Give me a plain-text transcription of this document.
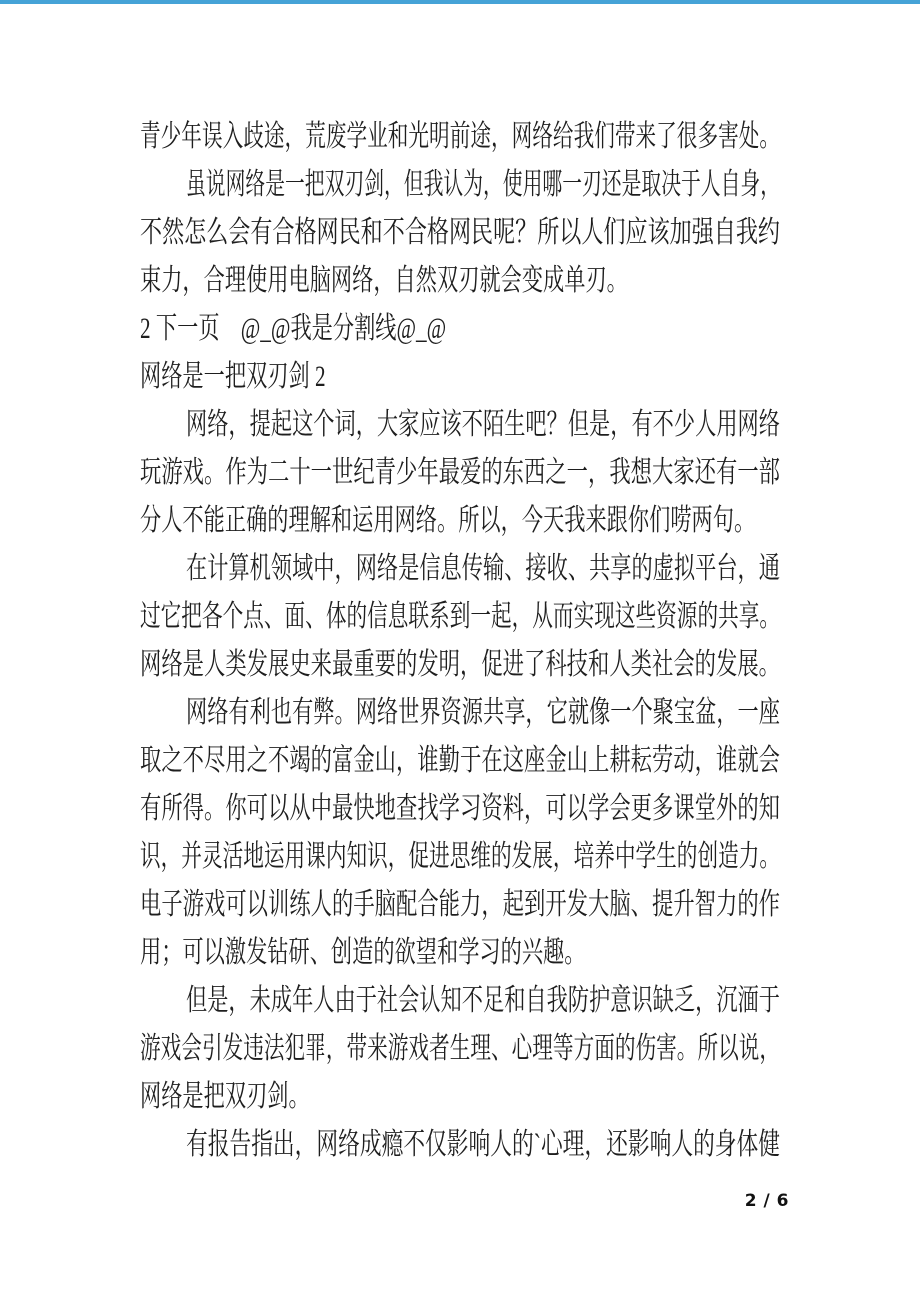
青少年误入歧途，荒废学业和光明前途，网络给我们带来了很多害处。
虽说网络是一把双刃剑，但我认为，使用哪一刃还是取决于人自身，
不然怎么会有合格网民和不合格网民呢？所以人们应该加强自我约
束力，合理使用电脑网络，自然双刃就会变成单刃。
2 下一页　@_@我是分割线@_@
网络是一把双刃剑 2
网络，提起这个词，大家应该不陌生吧？但是，有不少人用网络
玩游戏。作为二十一世纪青少年最爱的东西之一，我想大家还有一部
分人不能正确的理解和运用网络。所以，今天我来跟你们唠两句。
在计算机领域中，网络是信息传输、接收、共享的虚拟平台，通
过它把各个点、面、体的信息联系到一起，从而实现这些资源的共享。
网络是人类发展史来最重要的发明，促进了科技和人类社会的发展。
网络有利也有弊。网络世界资源共享，它就像一个聚宝盆，一座
取之不尽用之不竭的富金山，谁勤于在这座金山上耕耘劳动，谁就会
有所得。你可以从中最快地查找学习资料，可以学会更多课堂外的知
识，并灵活地运用课内知识，促进思维的发展，培养中学生的创造力。
电子游戏可以训练人的手脑配合能力，起到开发大脑、提升智力的作
用；可以激发钻研、创造的欲望和学习的兴趣。
但是，未成年人由于社会认知不足和自我防护意识缺乏，沉湎于
游戏会引发违法犯罪，带来游戏者生理、心理等方面的伤害。所以说，
网络是把双刃剑。
有报告指出，网络成瘾不仅影响人的`心理，还影响人的身体健
2 / 6
